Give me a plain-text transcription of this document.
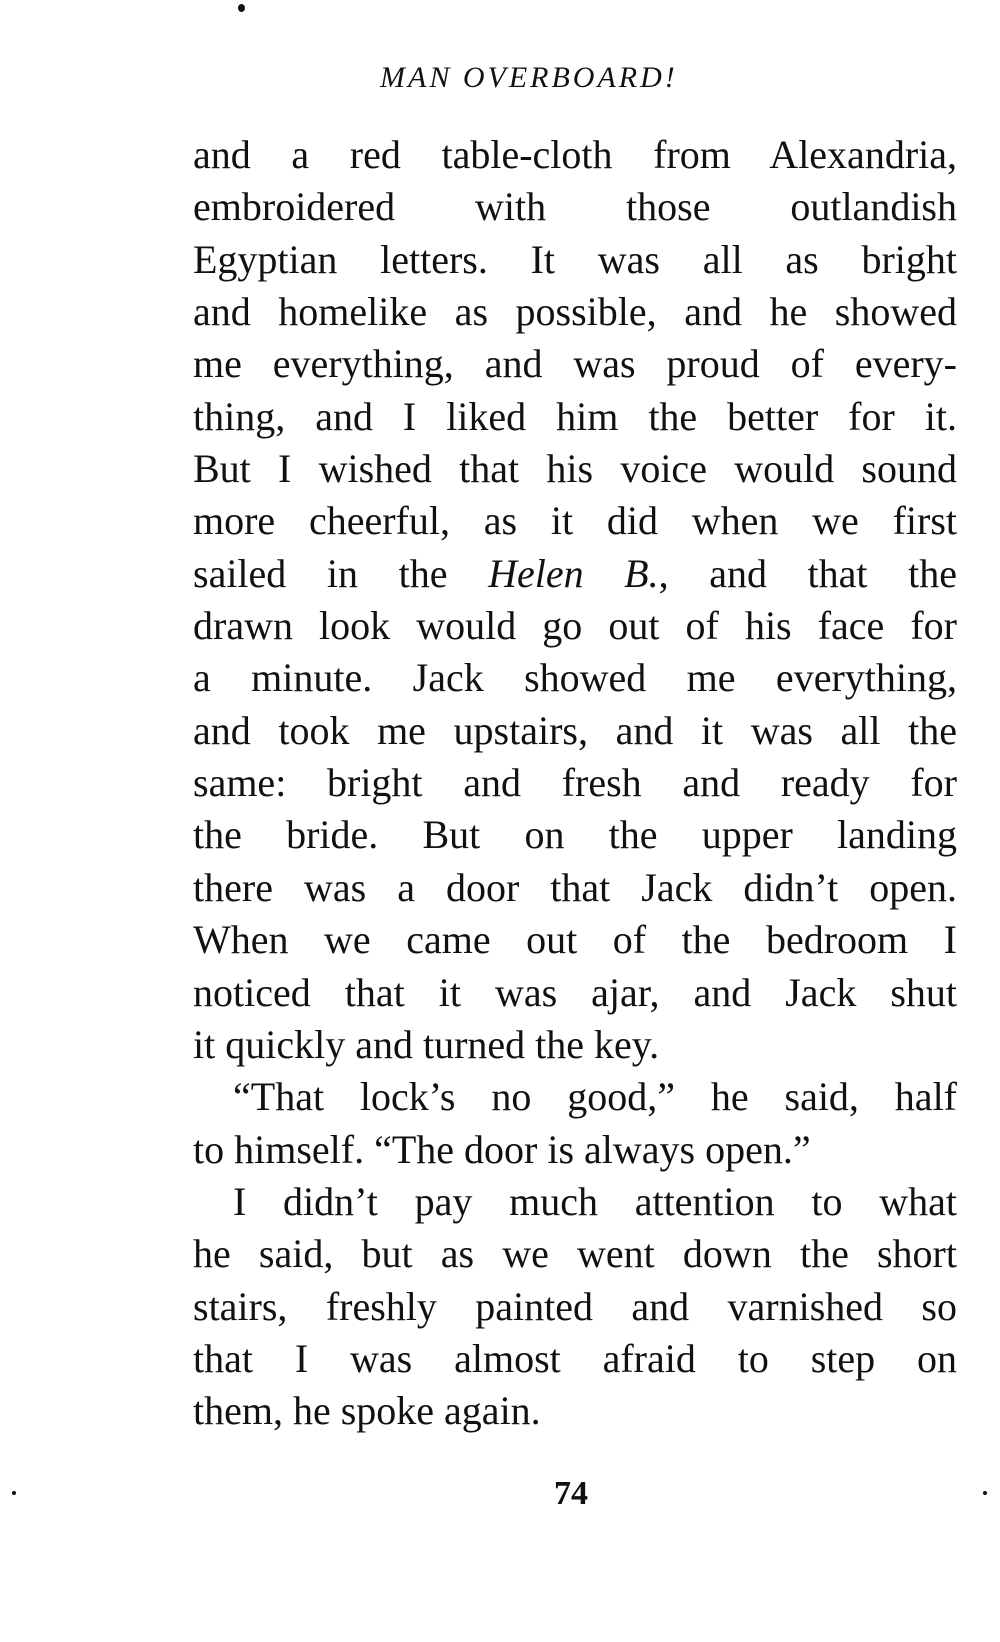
MAN OVERBOARD!
and a red table-cloth from Alexandria,
embroidered with those outlandish
Egyptian letters. It was all as bright
and homelike as possible, and he showed
me everything, and was proud of every-
thing, and I liked him the better for it.
But I wished that his voice would sound
more cheerful, as it did when we first
sailed in the Helen B., and that the
drawn look would go out of his face for
a minute. Jack showed me everything,
and took me upstairs, and it was all the
same: bright and fresh and ready for
the bride. But on the upper landing
there was a door that Jack didn’t open.
When we came out of the bedroom I
noticed that it was ajar, and Jack shut
it quickly and turned the key.
“That lock’s no good,” he said, half
to himself. “The door is always open.”
I didn’t pay much attention to what
he said, but as we went down the short
stairs, freshly painted and varnished so
that I was almost afraid to step on
them, he spoke again.
74
